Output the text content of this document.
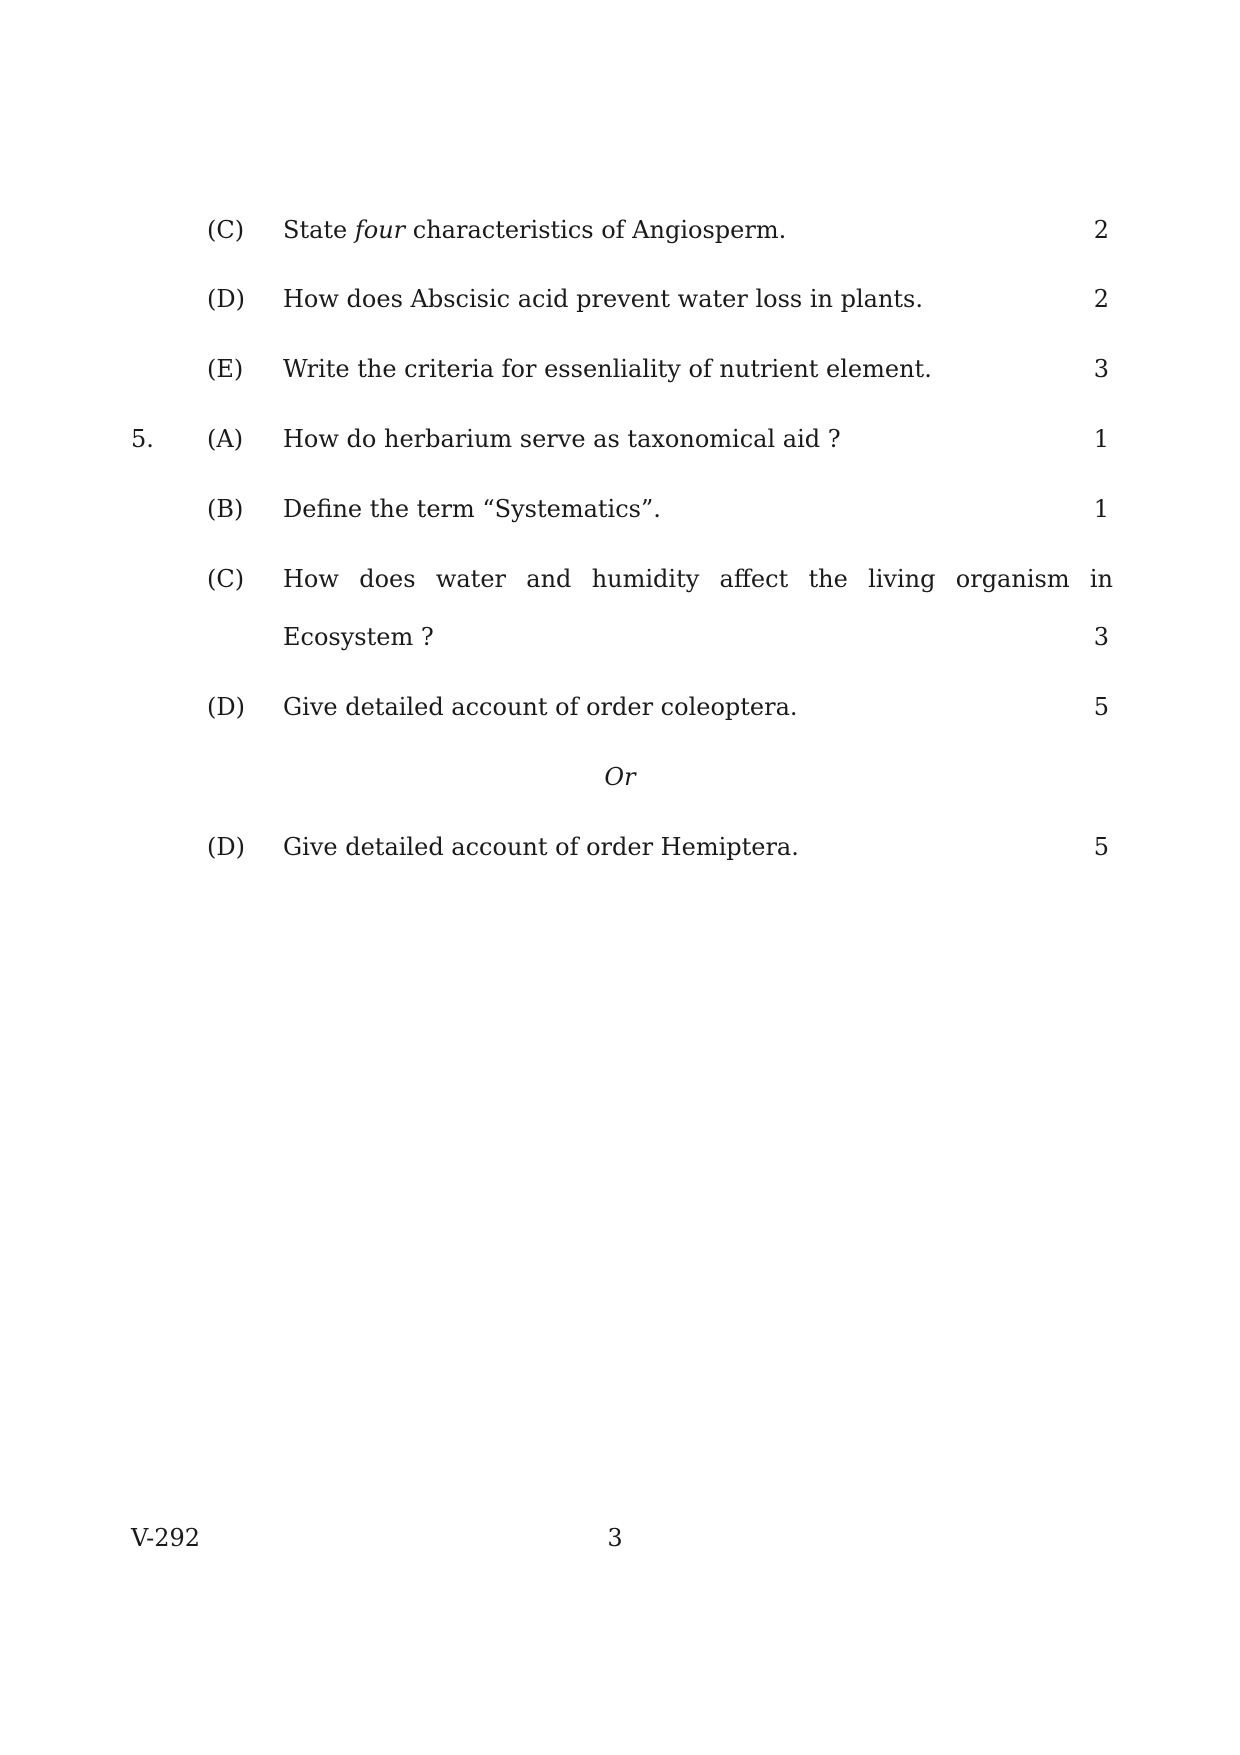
(C) State four characteristics of Angiosperm.	2
(D) How does Abscisic acid prevent water loss in plants.	2
(E) Write the criteria for essenliality of nutrient element.	3
5. (A) How do herbarium serve as taxonomical aid ?	1
(B) Define the term “Systematics”.	1
(C) How does water and humidity affect the living organism in
Ecosystem ?	3
(D) Give detailed account of order coleoptera.	5
Or
(D) Give detailed account of order Hemiptera.	5
V-292	3
